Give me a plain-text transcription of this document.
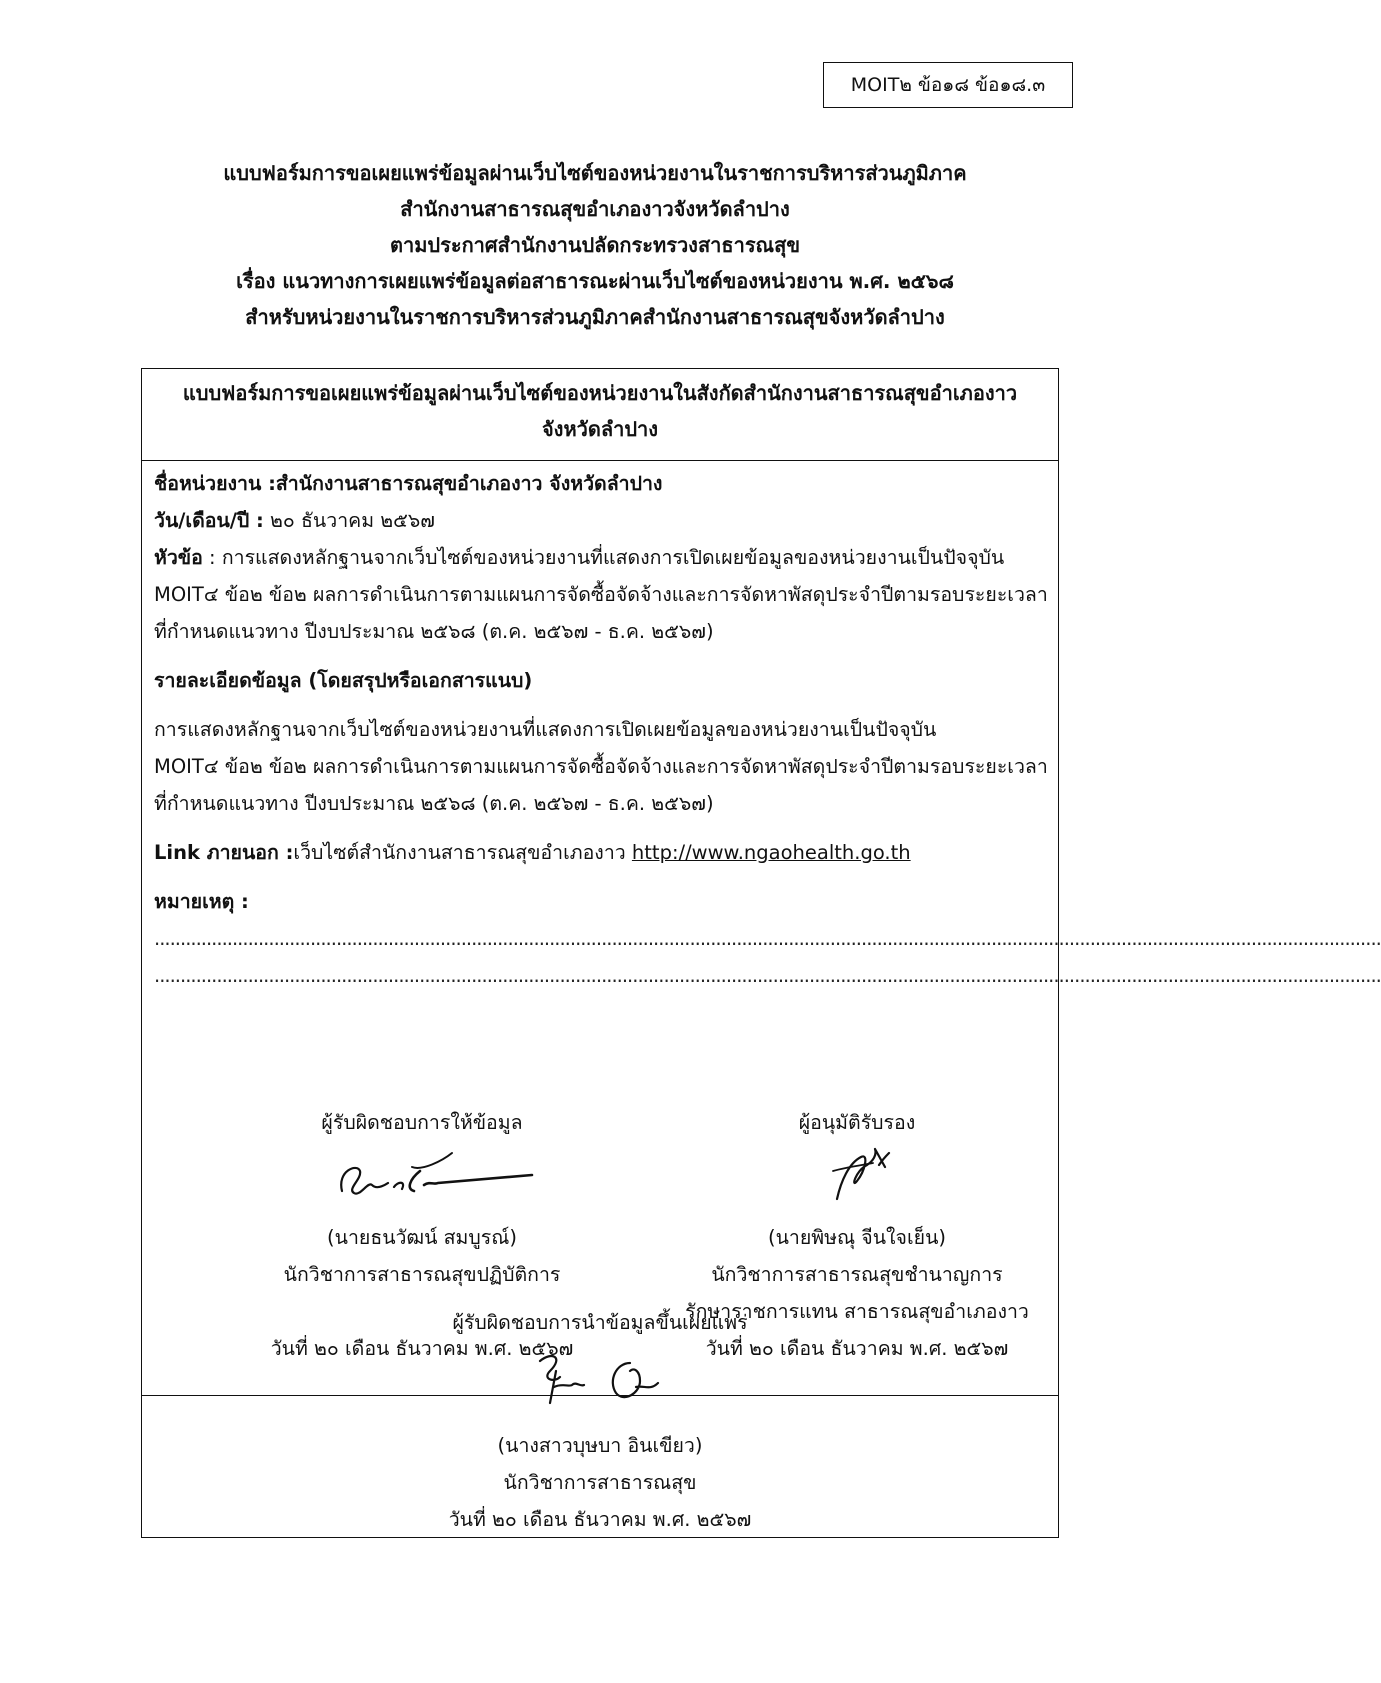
MOIT๒ ข้อ๑๘ ข้อ๑๘.๓
แบบฟอร์มการขอเผยแพร่ข้อมูลผ่านเว็บไซต์ของหน่วยงานในราชการบริหารส่วนภูมิภาค
สำนักงานสาธารณสุขอำเภองาวจังหวัดลำปาง
ตามประกาศสำนักงานปลัดกระทรวงสาธารณสุข
เรื่อง แนวทางการเผยแพร่ข้อมูลต่อสาธารณะผ่านเว็บไซต์ของหน่วยงาน พ.ศ. ๒๕๖๘
สำหรับหน่วยงานในราชการบริหารส่วนภูมิภาคสำนักงานสาธารณสุขจังหวัดลำปาง
แบบฟอร์มการขอเผยแพร่ข้อมูลผ่านเว็บไซต์ของหน่วยงานในสังกัดสำนักงานสาธารณสุขอำเภองาว
จังหวัดลำปาง
ชื่อหน่วยงาน :สำนักงานสาธารณสุขอำเภองาว จังหวัดลำปาง
วัน/เดือน/ปี : ๒๐ ธันวาคม ๒๕๖๗
หัวข้อ : การแสดงหลักฐานจากเว็บไซต์ของหน่วยงานที่แสดงการเปิดเผยข้อมูลของหน่วยงานเป็นปัจจุบัน
MOIT๔ ข้อ๒ ข้อ๒ ผลการดำเนินการตามแผนการจัดซื้อจัดจ้างและการจัดหาพัสดุประจำปีตามรอบระยะเวลา
ที่กำหนดแนวทาง ปีงบประมาณ ๒๕๖๘ (ต.ค. ๒๕๖๗ - ธ.ค. ๒๕๖๗)
รายละเอียดข้อมูล (โดยสรุปหรือเอกสารแนบ)
การแสดงหลักฐานจากเว็บไซต์ของหน่วยงานที่แสดงการเปิดเผยข้อมูลของหน่วยงานเป็นปัจจุบัน
MOIT๔ ข้อ๒ ข้อ๒ ผลการดำเนินการตามแผนการจัดซื้อจัดจ้างและการจัดหาพัสดุประจำปีตามรอบระยะเวลา
ที่กำหนดแนวทาง ปีงบประมาณ ๒๕๖๘ (ต.ค. ๒๕๖๗ - ธ.ค. ๒๕๖๗)
Link ภายนอก :เว็บไซต์สำนักงานสาธารณสุขอำเภองาว http://www.ngaohealth.go.th
หมายเหตุ :
............................................................................................................................................................................................................................................
............................................................................................................................................................................................................................................
ผู้รับผิดชอบการให้ข้อมูล
(นายธนวัฒน์ สมบูรณ์)
นักวิชาการสาธารณสุขปฏิบัติการ
วันที่ ๒๐ เดือน ธันวาคม พ.ศ. ๒๕๖๗
ผู้อนุมัติรับรอง
(นายพิษณุ จีนใจเย็น)
นักวิชาการสาธารณสุขชำนาญการ
รักษาราชการแทน สาธารณสุขอำเภองาว
วันที่ ๒๐ เดือน ธันวาคม พ.ศ. ๒๕๖๗
ผู้รับผิดชอบการนำข้อมูลขึ้นเผยแพร่
(นางสาวบุษบา อินเขียว)
นักวิชาการสาธารณสุข
วันที่ ๒๐ เดือน ธันวาคม พ.ศ. ๒๕๖๗
